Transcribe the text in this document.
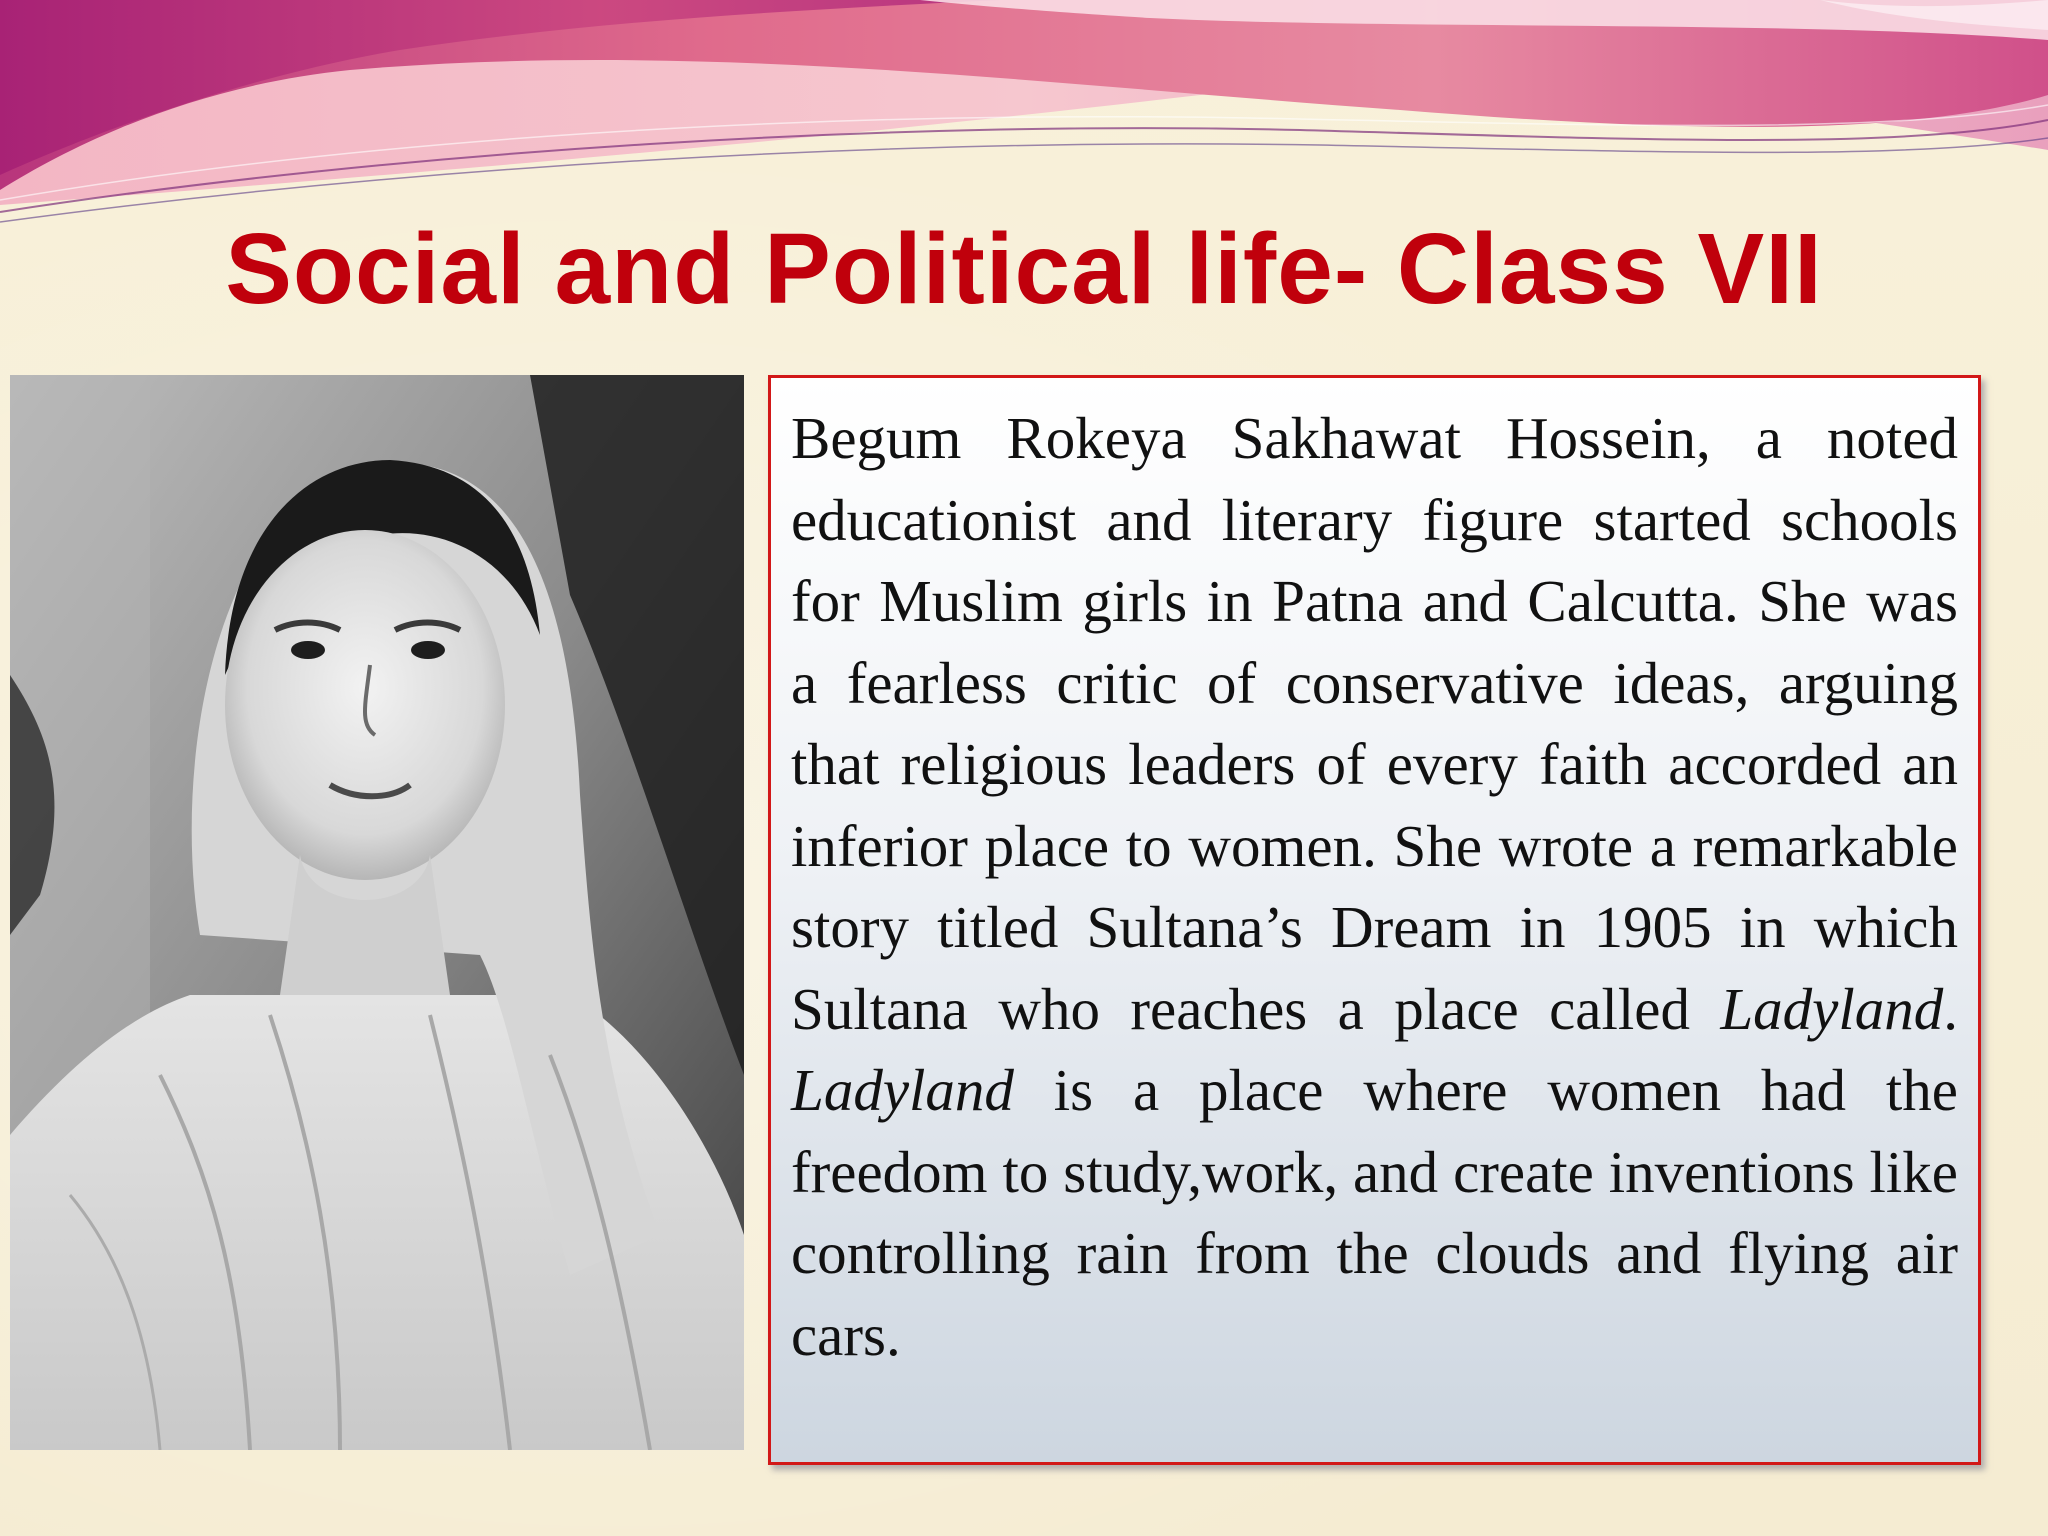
Social and Political life- Class VII

Begum Rokeya Sakhawat Hossein, a noted educationist and literary figure started schools for Muslim girls in Patna and Calcutta. She was a fearless critic of conservative ideas, arguing that religious leaders of every faith accorded an inferior place to women. She wrote a remarkable story titled Sultana’s Dream in 1905 in which Sultana who reaches a place called Ladyland. Ladyland is a place where women had the freedom to study,work, and create inventions like controlling rain from the clouds and flying air cars.
